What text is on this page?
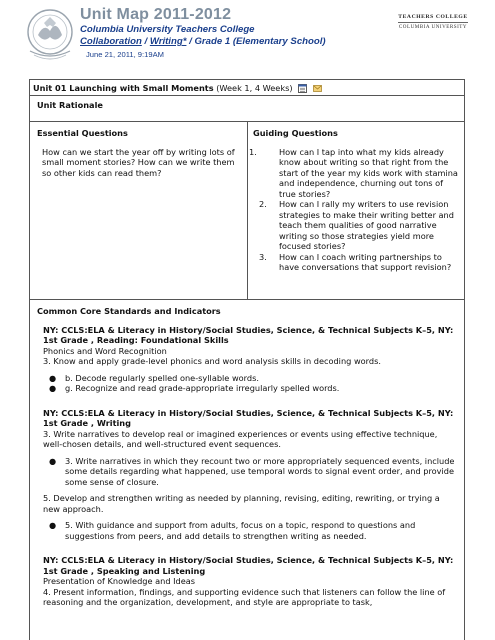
Unit Map 2011-2012
Columbia University Teachers College
Collaboration / Writing* / Grade 1 (Elementary School)
June 21, 2011, 9:19AM
TEACHERS COLLEGE
COLUMBIA UNIVERSITY

Unit 01 Launching with Small Moments (Week 1, 4 Weeks)
Unit Rationale
Essential Questions
How can we start the year off by writing lots of small moment stories? How can we write them so other kids can read them?
Guiding Questions
1.	How can I tap into what my kids already know about writing so that right from the start of the year my kids work with stamina and independence, churning out tons of true stories?
2. How can I rally my writers to use revision strategies to make their writing better and teach them qualities of good narrative writing so those strategies yield more focused stories?
3. How can I coach writing partnerships to have conversations that support revision?
Common Core Standards and Indicators
NY: CCLS:ELA & Literacy in History/Social Studies, Science, & Technical Subjects K–5, NY: 1st Grade , Reading: Foundational Skills

Phonics and Word Recognition

3. Know and apply grade-level phonics and word analysis skills in decoding words.

● b. Decode regularly spelled one-syllable words.
● g. Recognize and read grade-appropriate irregularly spelled words.
NY: CCLS:ELA & Literacy in History/Social Studies, Science, & Technical Subjects K–5, NY: 1st Grade , Writing

3. Write narratives to develop real or imagined experiences or events using effective technique, well-chosen details, and well-structured event sequences.

● 3. Write narratives in which they recount two or more appropriately sequenced events, include some details regarding what happened, use temporal words to signal event order, and provide some sense of closure.

5. Develop and strengthen writing as needed by planning, revising, editing, rewriting, or trying a new approach.

● 5. With guidance and support from adults, focus on a topic, respond to questions and suggestions from peers, and add details to strengthen writing as needed.
NY: CCLS:ELA & Literacy in History/Social Studies, Science, & Technical Subjects K–5, NY: 1st Grade , Speaking and Listening

Presentation of Knowledge and Ideas

4. Present information, findings, and supporting evidence such that listeners can follow the line of reasoning and the organization, development, and style are appropriate to task,
